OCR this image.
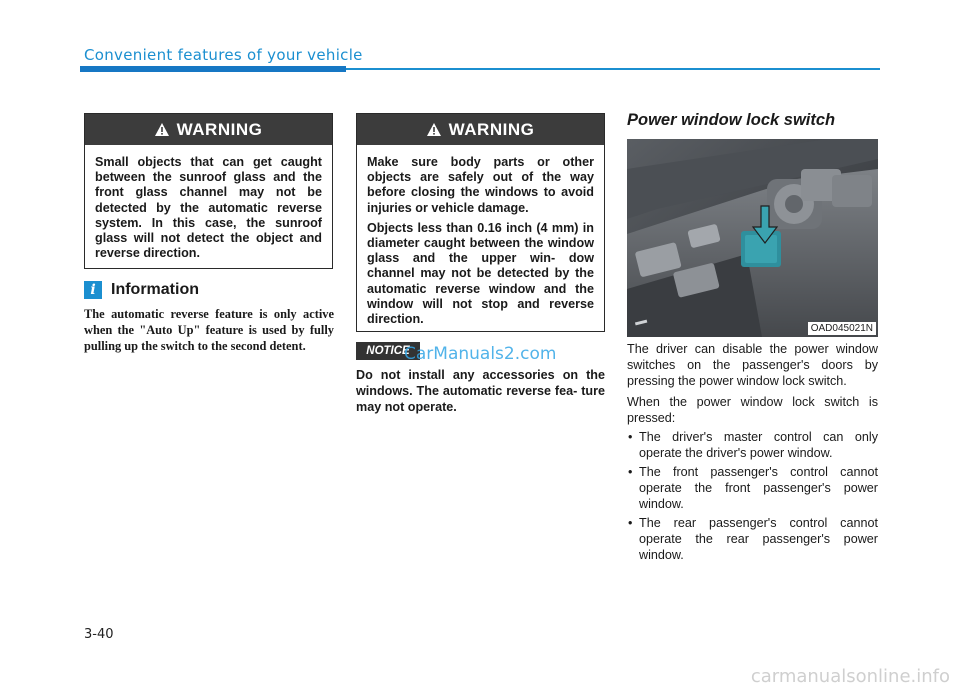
Convenient features of your vehicle
WARNING

Small objects that can get caught between the sunroof glass and the front glass channel may not be detected by the automatic reverse system. In this case, the sunroof glass will not detect the object and reverse direction.

i Information
The automatic reverse feature is only active when the "Auto Up" feature is used by fully pulling up the switch to the second detent.
WARNING

Make sure body parts or other objects are safely out of the way before closing the windows to avoid injuries or vehicle damage.

Objects less than 0.16 inch (4 mm) in diameter caught between the window glass and the upper win- dow channel may not be detected by the automatic reverse window and the window will not stop and reverse direction.

NOTICE
CarManuals2.com
Do not install any accessories on the windows. The automatic reverse fea- ture may not operate.
Power window lock switch
OAD045021N

The driver can disable the power window switches on the passenger's doors by pressing the power window lock switch.

When the power window lock switch is pressed:

• The driver's master control can only operate the driver's power window.
• The front passenger's control cannot operate the front passenger's power window.
• The rear passenger's control cannot operate the rear passenger's power window.
3-40
carmanualsonline.info
